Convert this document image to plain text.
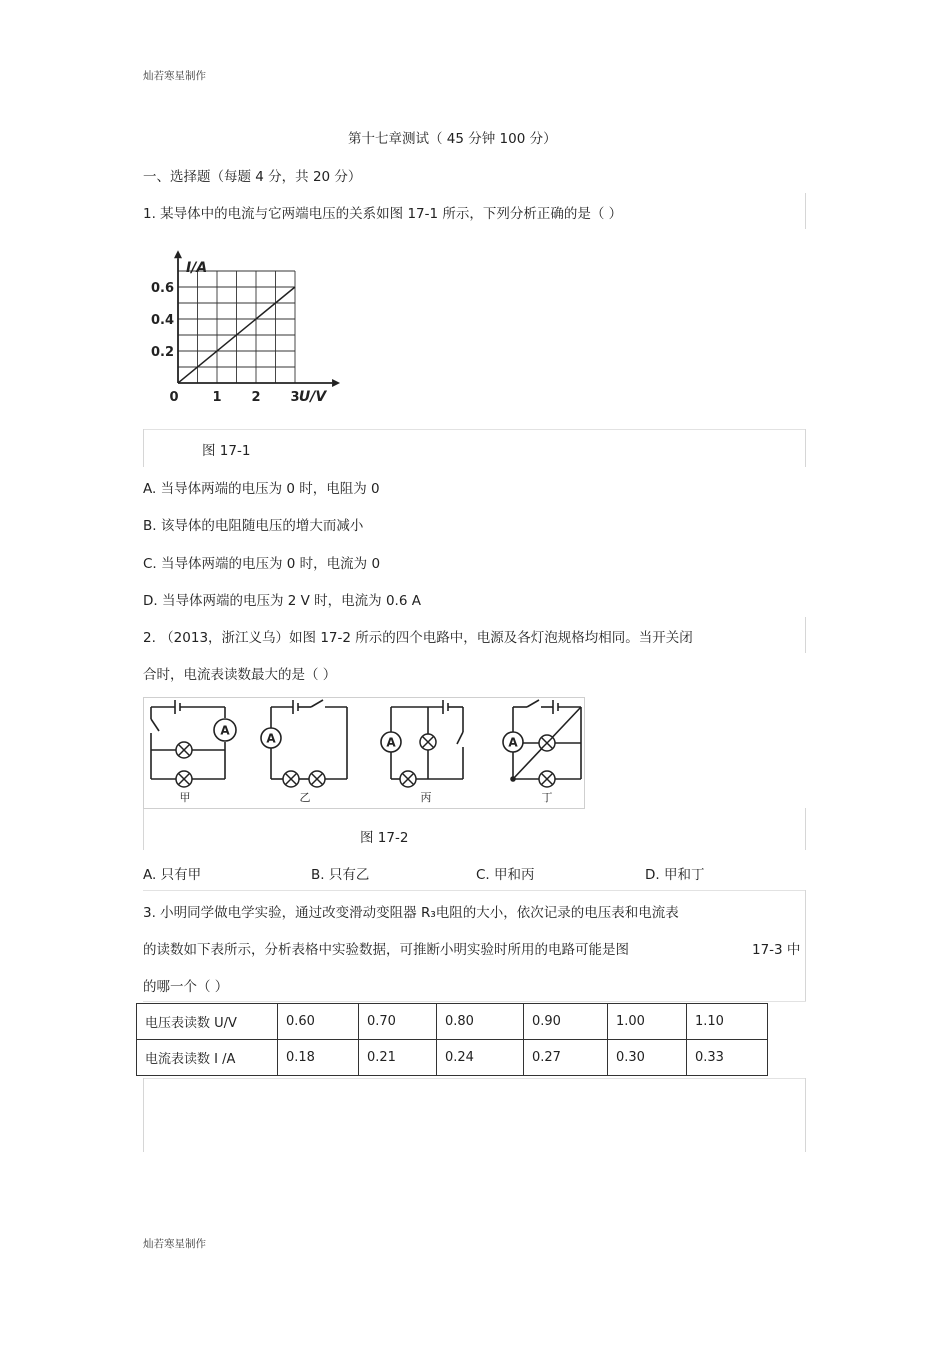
灿若寒星制作
第十七章测试（ 45 分钟 100 分）
一、选择题（每题 4 分，共 20 分）
1. 某导体中的电流与它两端电压的关系如图 17-1 所示，下列分析正确的是（ ）
0	1 2 3
0.2
0.4
0.6
U/V
I/A
图 17-1
A. 当导体两端的电压为 0 时，电阻为 0
B. 该导体的电阻随电压的增大而减小
C. 当导体两端的电压为 0 时，电流为 0
D. 当导体两端的电压为 2 V 时，电流为 0.6 A
2. （2013，浙江义乌）如图 17-2 所示的四个电路中，电源及各灯泡规格均相同。当开关闭
合时，电流表读数最大的是（ ）
A
A	A	A
甲	乙	丙	丁
图 17-2
A. 只有甲	B. 只有乙	C. 甲和丙	D. 甲和丁
3. 小明同学做电学实验，通过改变滑动变阻器 R₃电阻的大小，依次记录的电压表和电流表
的读数如下表所示，分析表格中实验数据，可推断小明实验时所用的电路可能是图	17-3 中
的哪一个（ ）
电压表读数 U/V	0.60	0.70	0.80	0.90	1.00	1.10
电流表读数 I /A	0.18	0.21	0.24	0.27	0.30	0.33
灿若寒星制作
